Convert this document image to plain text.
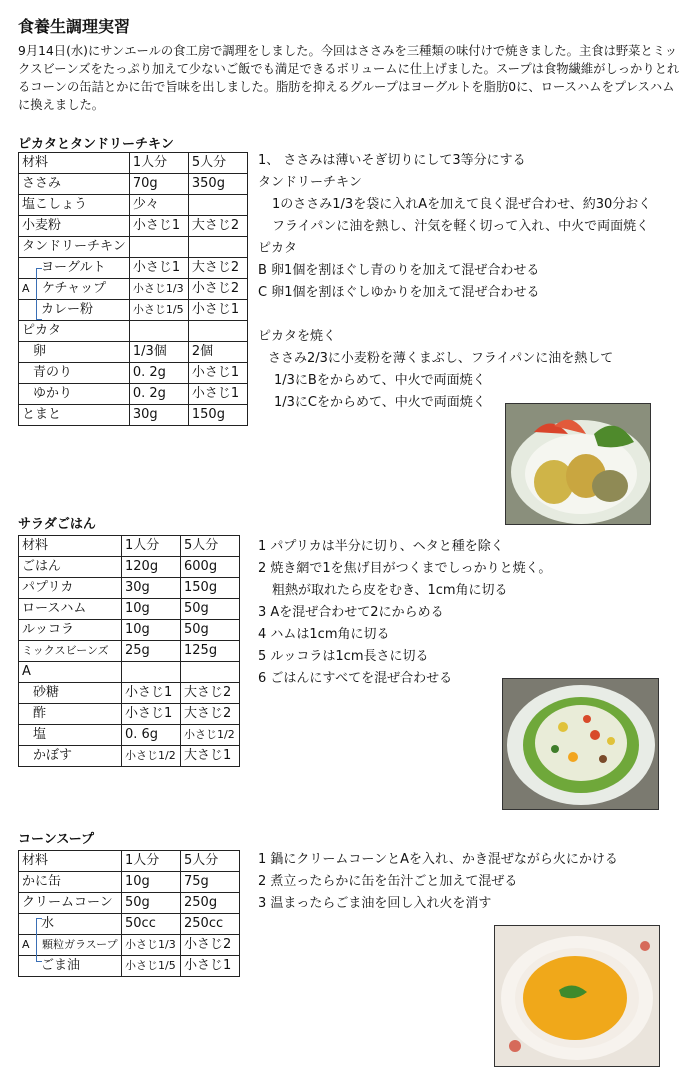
食養生調理実習
9月14日(水)にサンエールの食工房で調理をしました。今回はささみを三種類の味付けで焼きました。主食は野菜とミックスビーンズをたっぷり加えて少ないご飯でも満足できるボリュームに仕上げました。スープは食物繊維がしっかりとれるコーンの缶詰とかに缶で旨味を出しました。脂肪を抑えるグループはヨーグルトを脂肪0に、ロースハムをプレスハムに換えました。
ピカタとタンドリーチキン
材料	1人分	5人分
ささみ	70g	350g
塩こしょう	少々	
小麦粉	小さじ1	大さじ2
タンドリーチキン		
ヨーグルト	小さじ1	大さじ2

A ケチャップ	小さじ1/3	小さじ2
カレー粉	小さじ1/5	小さじ1
ピカタ		
卵	1/3個	2個
青のり	0. 2g	小さじ1
ゆかり	0. 2g	小さじ1
とまと	30g	150g
1、 ささみは薄いそぎ切りにして3等分にする
タンドリーチキン
1のささみ1/3を袋に入れAを加えて良く混ぜ合わせ、約30分おく
フライパンに油を熱し、汁気を軽く切って入れ、中火で両面焼く
ピカタ
B 卵1個を割ほぐし青のりを加えて混ぜ合わせる
C 卵1個を割ほぐしゆかりを加えて混ぜ合わせる
ピカタを焼く
ささみ2/3に小麦粉を薄くまぶし、フライパンに油を熱して
1/3にBをからめて、中火で両面焼く
1/3にCをからめて、中火で両面焼く
サラダごはん
材料	1人分	5人分
ごはん	120g	600g
パプリカ	30g	150g
ロースハム	10g	50g
ルッコラ	10g	50g
ミックスビーンズ	25g	125g
A		
砂糖	小さじ1	大さじ2
酢	小さじ1	大さじ2
塩	0. 6g	小さじ1/2
かぼす	小さじ1/2	大さじ1
1 パプリカは半分に切り、ヘタと種を除く
2 焼き網で1を焦げ目がつくまでしっかりと焼く。
粗熱が取れたら皮をむき、1cm角に切る
3 Aを混ぜ合わせて2にからめる
4 ハムは1cm角に切る
5 ルッコラは1cm長さに切る
6 ごはんにすべてを混ぜ合わせる
コーンスープ
材料	1人分	5人分
かに缶	10g	75g
クリームコーン	50g	250g
水	50cc	250cc

A 顆粒ガラスープ	小さじ1/3	小さじ2
ごま油	小さじ1/5	小さじ1
1 鍋にクリームコーンとAを入れ、かき混ぜながら火にかける
2 煮立ったらかに缶を缶汁ごと加えて混ぜる
3 温まったらごま油を回し入れ火を消す
